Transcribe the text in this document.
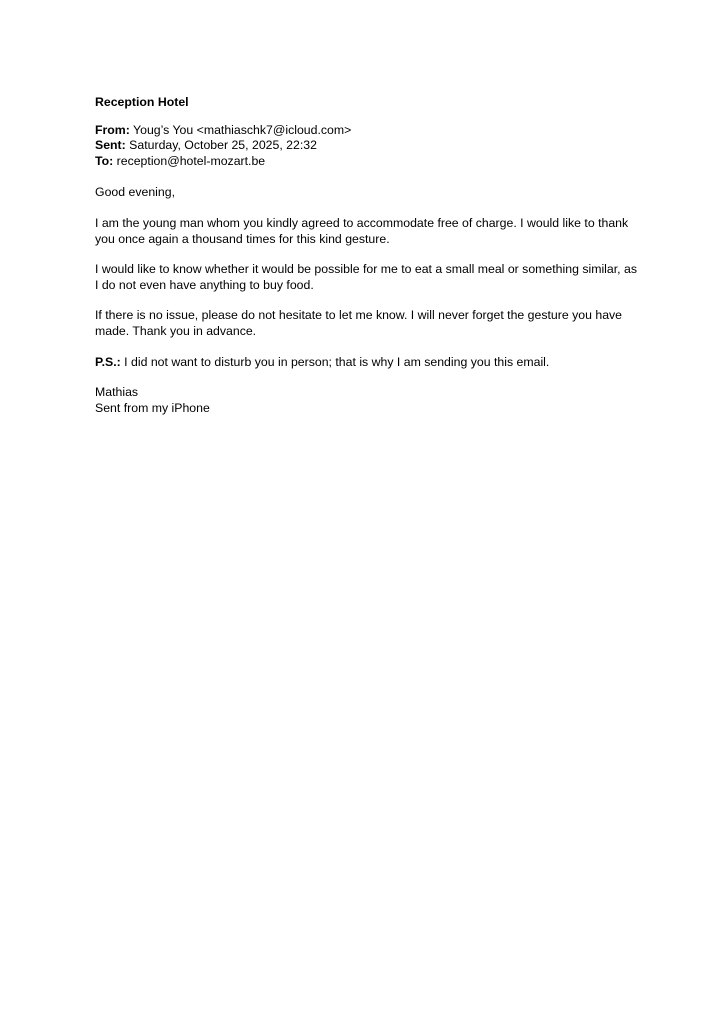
Reception Hotel
From: Youg’s You <mathiaschk7@icloud.com>
Sent: Saturday, October 25, 2025, 22:32
To: reception@hotel-mozart.be

Good evening,

I am the young man whom you kindly agreed to accommodate free of charge. I would like to thank you once again a thousand times for this kind gesture.

I would like to know whether it would be possible for me to eat a small meal or something similar, as I do not even have anything to buy food.

If there is no issue, please do not hesitate to let me know. I will never forget the gesture you have made. Thank you in advance.

P.S.: I did not want to disturb you in person; that is why I am sending you this email.

Mathias
Sent from my iPhone
